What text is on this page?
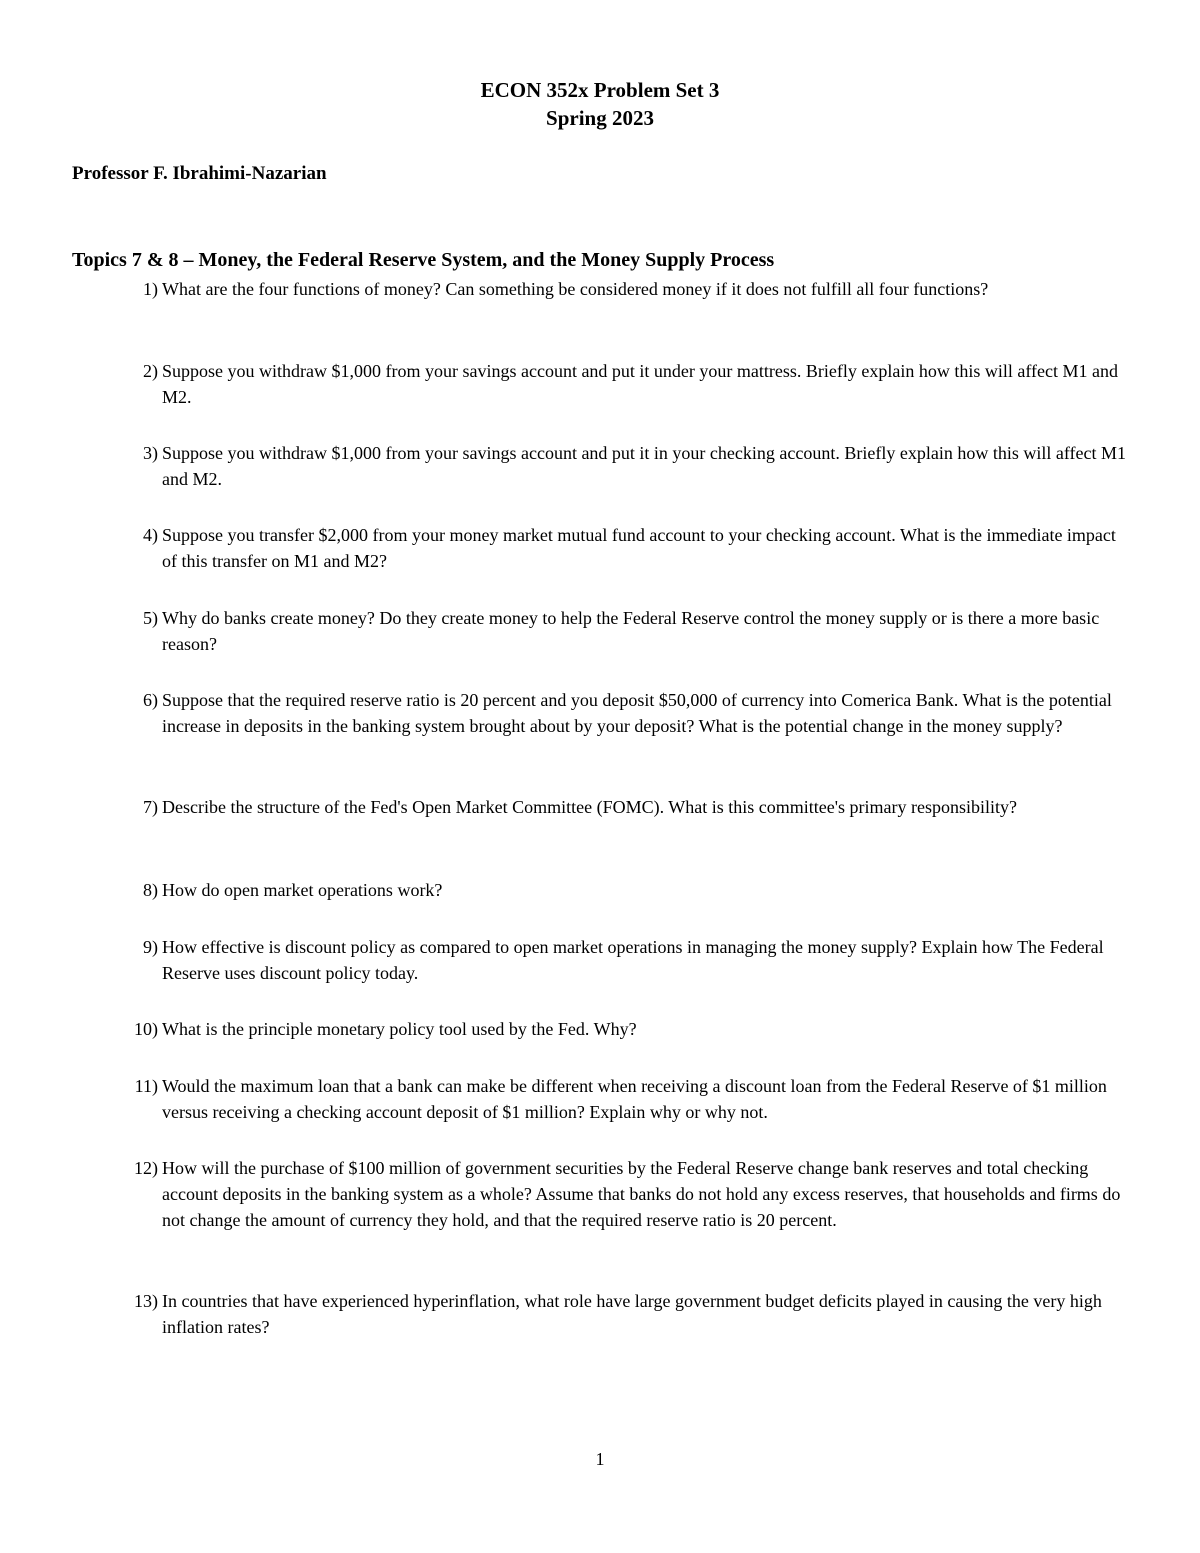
ECON 352x Problem Set 3
Spring 2023
Professor F. Ibrahimi-Nazarian
Topics 7 & 8 – Money, the Federal Reserve System, and the Money Supply Process
1) What are the four functions of money? Can something be considered money if it does not fulfill all four functions?
2) Suppose you withdraw $1,000 from your savings account and put it under your mattress. Briefly explain how this will affect M1 and M2.
3) Suppose you withdraw $1,000 from your savings account and put it in your checking account. Briefly explain how this will affect M1 and M2.
4) Suppose you transfer $2,000 from your money market mutual fund account to your checking account. What is the immediate impact of this transfer on M1 and M2?
5) Why do banks create money? Do they create money to help the Federal Reserve control the money supply or is there a more basic reason?
6) Suppose that the required reserve ratio is 20 percent and you deposit $50,000 of currency into Comerica Bank. What is the potential increase in deposits in the banking system brought about by your deposit? What is the potential change in the money supply?
7) Describe the structure of the Fed's Open Market Committee (FOMC). What is this committee's primary responsibility?
8) How do open market operations work?
9) How effective is discount policy as compared to open market operations in managing the money supply? Explain how The Federal Reserve uses discount policy today.
10) What is the principle monetary policy tool used by the Fed. Why?
11) Would the maximum loan that a bank can make be different when receiving a discount loan from the Federal Reserve of $1 million versus receiving a checking account deposit of $1 million? Explain why or why not.
12) How will the purchase of $100 million of government securities by the Federal Reserve change bank reserves and total checking account deposits in the banking system as a whole? Assume that banks do not hold any excess reserves, that households and firms do not change the amount of currency they hold, and that the required reserve ratio is 20 percent.
13) In countries that have experienced hyperinflation, what role have large government budget deficits played in causing the very high inflation rates?
1
